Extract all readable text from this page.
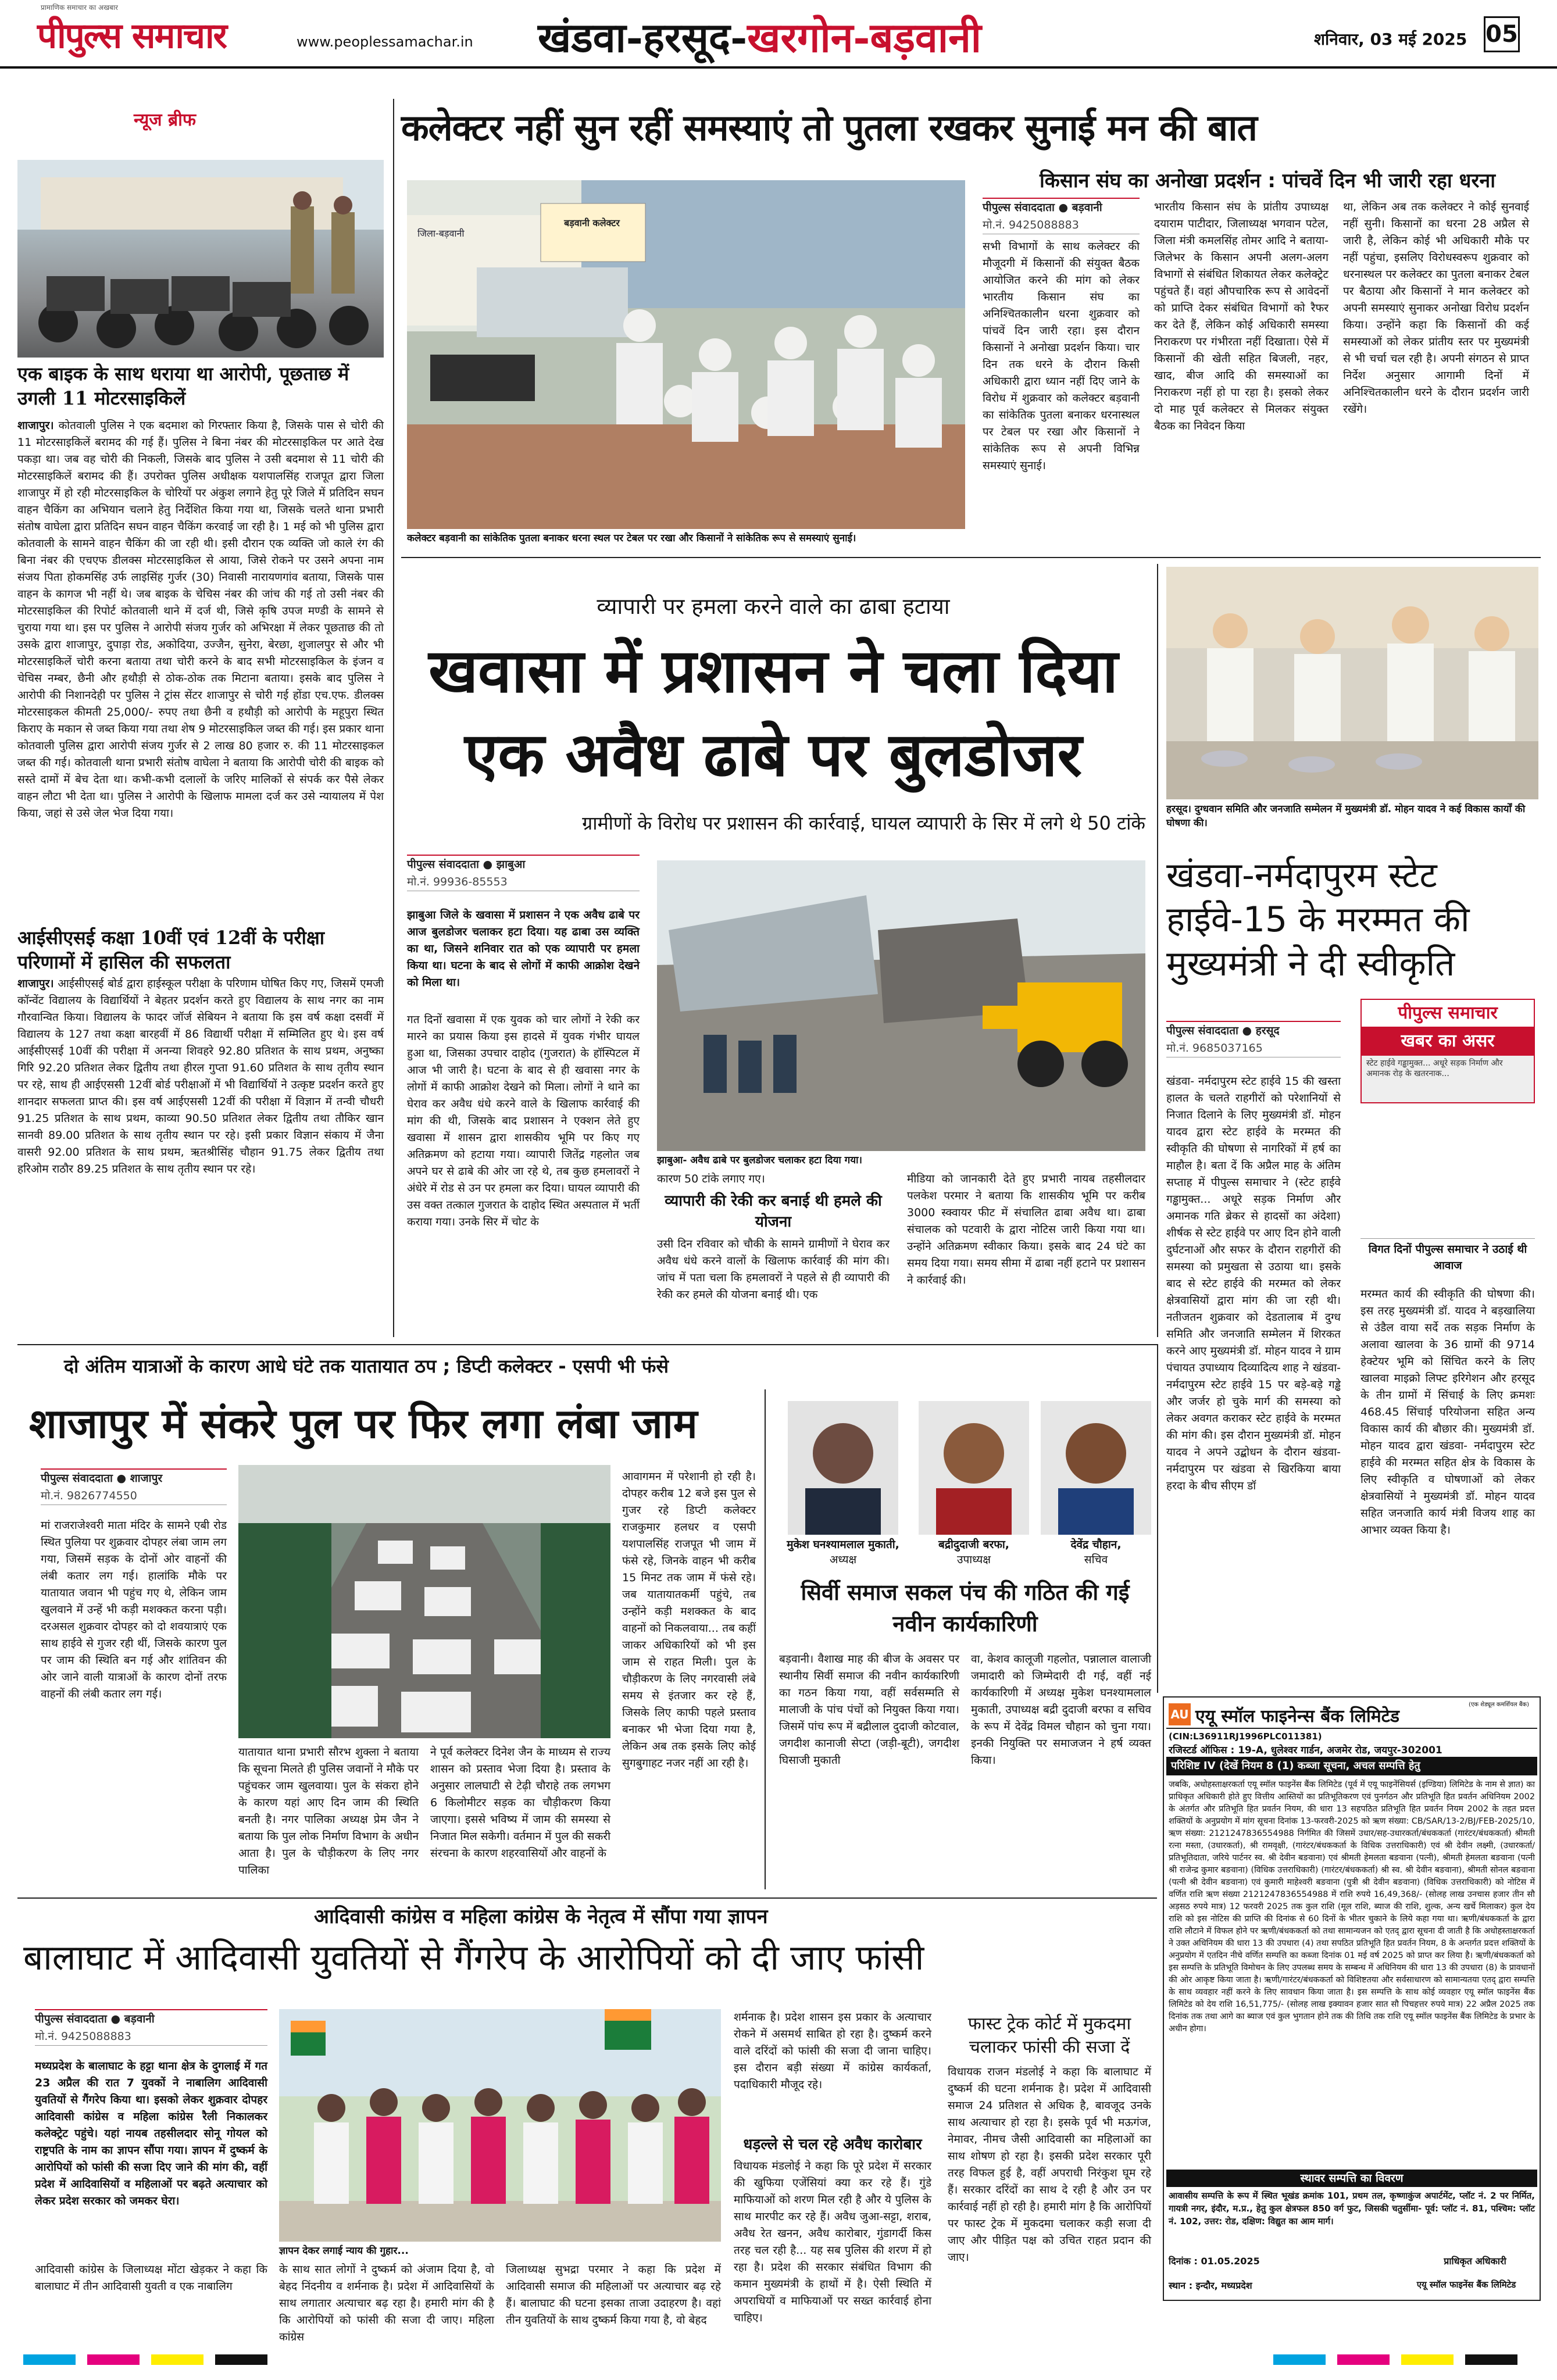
प्रामाणिक समाचार का अखबार
पीपुल्स समाचार	www.peoplessamachar.in खंडवा-हरसूद-खरगोन-बड़वानी	शनिवार, 03 मई 2025 05
न्यूज ब्रीफ
एक बाइक के साथ धराया था आरोपी, पूछताछ में उगली 11 मोटरसाइकिलें
शाजापुर। कोतवाली पुलिस ने एक बदमाश को गिरफ्तार किया है, जिसके पास से चोरी की 11 मोटरसाइकिलें बरामद की गई हैं। पुलिस ने बिना नंबर की मोटरसाइकिल पर आते देख पकड़ा था। जब वह चोरी की निकली, जिसके बाद पुलिस ने उसी बदमाश से 11 चोरी की मोटरसाइकिलें बरामद की हैं। उपरोक्त पुलिस अधीक्षक यशपालसिंह राजपूत द्वारा जिला शाजापुर में हो रही मोटरसाइकिल के चोरियों पर अंकुश लगाने हेतु पूरे जिले में प्रतिदिन सघन वाहन चैकिंग का अभियान चलाने हेतु निर्देशित किया गया था, जिसके चलते थाना प्रभारी संतोष वाघेला द्वारा प्रतिदिन सघन वाहन चैकिंग करवाई जा रही है। 1 मई को भी पुलिस द्वारा कोतवाली के सामने वाहन चैकिंग की जा रही थी। इसी दौरान एक व्यक्ति जो काले रंग की बिना नंबर की एचएफ डीलक्स मोटरसाइकिल से आया, जिसे रोकने पर उसने अपना नाम संजय पिता होकमसिंह उर्फ लाइसिंह गुर्जर (30) निवासी नारायणगांव बताया, जिसके पास वाहन के कागज भी नहीं थे। जब बाइक के चेचिस नंबर की जांच की गई तो उसी नंबर की मोटरसाइकिल की रिपोर्ट कोतवाली थाने में दर्ज थी, जिसे कृषि उपज मण्डी के सामने से चुराया गया था। इस पर पुलिस ने आरोपी संजय गुर्जर को अभिरक्षा में लेकर पूछताछ की तो उसके द्वारा शाजापुर, दुपाड़ा रोड, अकोदिया, उज्जैन, सुनेरा, बेरछा, शुजालपुर से और भी मोटरसाइकिलें चोरी करना बताया तथा चोरी करने के बाद सभी मोटरसाइकिल के इंजन व चेचिस नम्बर, छैनी और हथौड़ी से ठोक-ठोक तक मिटाना बताया। इसके बाद पुलिस ने आरोपी की निशानदेही पर पुलिस ने ट्रांस सेंटर शाजापुर से चोरी गई होंडा एच.एफ. डीलक्स मोटरसाइकल कीमती 25,000/- रुपए तथा छैनी व हथौड़ी को आरोपी के महूपुरा स्थित किराए के मकान से जब्त किया गया तथा शेष 9 मोटरसाइकिल जब्त की गई। इस प्रकार थाना कोतवाली पुलिस द्वारा आरोपी संजय गुर्जर से 2 लाख 80 हजार रु. की 11 मोटरसाइकल जब्त की गई। कोतवाली थाना प्रभारी संतोष वाघेला ने बताया कि आरोपी चोरी की बाइक को सस्ते दामों में बेच देता था। कभी-कभी दलालों के जरिए मालिकों से संपर्क कर पैसे लेकर वाहन लौटा भी देता था। पुलिस ने आरोपी के खिलाफ मामला दर्ज कर उसे न्यायालय में पेश किया, जहां से उसे जेल भेज दिया गया।
आईसीएसई कक्षा 10वीं एवं 12वीं के परीक्षा परिणामों में हासिल की सफलता
शाजापुर। आईसीएसई बोर्ड द्वारा हाईस्कूल परीक्षा के परिणाम घोषित किए गए, जिसमें एमजी कॉन्वेंट विद्यालय के विद्यार्थियों ने बेहतर प्रदर्शन करते हुए विद्यालय के साथ नगर का नाम गौरवान्वित किया। विद्यालय के फादर जॉर्ज सेबियन ने बताया कि इस वर्ष कक्षा दसवीं में विद्यालय के 127 तथा कक्षा बारहवीं में 86 विद्यार्थी परीक्षा में सम्मिलित हुए थे। इस वर्ष आईसीएसई 10वीं की परीक्षा में अनन्या शिवहरे 92.80 प्रतिशत के साथ प्रथम, अनुष्का गिरि 92.20 प्रतिशत लेकर द्वितीय तथा हीरल गुप्ता 91.60 प्रतिशत के साथ तृतीय स्थान पर रहे, साथ ही आईएससी 12वीं बोर्ड परीक्षाओं में भी विद्यार्थियों ने उत्कृष्ट प्रदर्शन करते हुए शानदार सफलता प्राप्त की। इस वर्ष आईएससी 12वीं की परीक्षा में विज्ञान में तन्वी चौधरी 91.25 प्रतिशत के साथ प्रथम, काव्या 90.50 प्रतिशत लेकर द्वितीय तथा तौकिर खान सानवी 89.00 प्रतिशत के साथ तृतीय स्थान पर रहे। इसी प्रकार विज्ञान संकाय में जैना वासरी 92.00 प्रतिशत के साथ प्रथम, ऋतश्रीसिंह चौहान 91.75 लेकर द्वितीय तथा हरिओम राठौर 89.25 प्रतिशत के साथ तृतीय स्थान पर रहे।
कलेक्टर नहीं सुन रहीं समस्याएं तो पुतला रखकर सुनाई मन की बात
किसान संघ का अनोखा प्रदर्शन : पांचवें दिन भी जारी रहा धरना
बड़वानी कलेक्टर
जिला-बड़वानी
कलेक्टर बड़वानी का सांकेतिक पुतला बनाकर धरना स्थल पर टेबल पर रखा और किसानों ने सांकेतिक रूप से समस्याएं सुनाई।
पीपुल्स संवाददाता ● बड़वानी
मो.नं. 9425088883
सभी विभागों के साथ कलेक्टर की मौजूदगी में किसानों की संयुक्त बैठक आयोजित करने की मांग को लेकर भारतीय किसान संघ का अनिश्चितकालीन धरना शुक्रवार को पांचवें दिन जारी रहा। इस दौरान किसानों ने अनोखा प्रदर्शन किया। चार दिन तक धरने के दौरान किसी अधिकारी द्वारा ध्यान नहीं दिए जाने के विरोध में शुक्रवार को कलेक्टर बड़वानी का सांकेतिक पुतला बनाकर धरनास्थल पर टेबल पर रखा और किसानों ने सांकेतिक रूप से अपनी विभिन्न समस्याएं सुनाई।
भारतीय किसान संघ के प्रांतीय उपाध्यक्ष दयाराम पाटीदार, जिलाध्यक्ष भगवान पटेल, जिला मंत्री कमलसिंह तोमर आदि ने बताया- जिलेभर के किसान अपनी अलग-अलग विभागों से संबंधित शिकायत लेकर कलेक्ट्रेट पहुंचते हैं। वहां औपचारिक रूप से आवेदनों को प्राप्ति देकर संबंधित विभागों को रैफर कर देते हैं, लेकिन कोई अधिकारी समस्या निराकरण पर गंभीरता नहीं दिखाता। ऐसे में किसानों की खेती सहित बिजली, नहर, खाद, बीज आदि की समस्याओं का निराकरण नहीं हो पा रहा है। इसको लेकर दो माह पूर्व कलेक्टर से मिलकर संयुक्त बैठक का निवेदन किया
था, लेकिन अब तक कलेक्टर ने कोई सुनवाई नहीं सुनी। किसानों का धरना 28 अप्रैल से जारी है, लेकिन कोई भी अधिकारी मौके पर नहीं पहुंचा, इसलिए विरोधस्वरूप शुक्रवार को धरनास्थल पर कलेक्टर का पुतला बनाकर टेबल पर बैठाया और किसानों ने मान कलेक्टर को अपनी समस्याएं सुनाकर अनोखा विरोध प्रदर्शन किया। उन्होंने कहा कि किसानों की कई समस्याओं को लेकर प्रांतीय स्तर पर मुख्यमंत्री से भी चर्चा चल रही है। अपनी संगठन से प्राप्त निर्देश अनुसार आगामी दिनों में अनिश्चितकालीन धरने के दौरान प्रदर्शन जारी रखेंगे।
व्यापारी पर हमला करने वाले का ढाबा हटाया
खवासा में प्रशासन ने चला दिया
एक अवैध ढाबे पर बुलडोजर
ग्रामीणों के विरोध पर प्रशासन की कार्रवाई, घायल व्यापारी के सिर में लगे थे 50 टांके
पीपुल्स संवाददाता ● झाबुआ
मो.नं. 99936-85553
झाबुआ जिले के खवासा में प्रशासन ने एक अवैध ढाबे पर आज बुलडोजर चलाकर हटा दिया। यह ढाबा उस व्यक्ति का था, जिसने शनिवार रात को एक व्यापारी पर हमला किया था। घटना के बाद से लोगों में काफी आक्रोश देखने को मिला था।
गत दिनों खवासा में एक युवक को चार लोगों ने रेकी कर मारने का प्रयास किया इस हादसे में युवक गंभीर घायल हुआ था, जिसका उपचार दाहोद (गुजरात) के हॉस्पिटल में आज भी जारी है। घटना के बाद से ही खवासा नगर के लोगों में काफी आक्रोश देखने को मिला। लोगों ने थाने का घेराव कर अवैध धंधे करने वाले के खिलाफ कार्रवाई की मांग की थी, जिसके बाद प्रशासन ने एक्शन लेते हुए खवासा में शासन द्वारा शासकीय भूमि पर किए गए अतिक्रमण को हटाया गया। व्यापारी जितेंद्र गहलोत जब अपने घर से ढाबे की ओर जा रहे थे, तब कुछ हमलावरों ने अंधेरे में रोड से उन पर हमला कर दिया। घायल व्यापारी की उस वक्त तत्काल गुजरात के दाहोद स्थित अस्पताल में भर्ती कराया गया। उनके सिर में चोट के
झाबुआ- अवैध ढाबे पर बुलडोजर चलाकर हटा दिया गया।
कारण 50 टांके लगाए गए।
व्यापारी की रेकी कर बनाई थी हमले की योजना
उसी दिन रविवार को चौकी के सामने ग्रामीणों ने घेराव कर अवैध धंधे करने वालों के खिलाफ कार्रवाई की मांग की। जांच में पता चला कि हमलावरों ने पहले से ही व्यापारी की रेकी कर हमले की योजना बनाई थी। एक
मीडिया को जानकारी देते हुए प्रभारी नायब तहसीलदार पलकेश परमार ने बताया कि शासकीय भूमि पर करीब 3000 स्क्वायर फीट में संचालित ढाबा अवैध था। ढाबा संचालक को पटवारी के द्वारा नोटिस जारी किया गया था। उन्होंने अतिक्रमण स्वीकार किया। इसके बाद 24 घंटे का समय दिया गया। समय सीमा में ढाबा नहीं हटाने पर प्रशासन ने कार्रवाई की।
हरसूद। दुग्धवान समिति और जनजाति सम्मेलन में मुख्यमंत्री डॉ. मोहन यादव ने कई विकास कार्यों की घोषणा की।
खंडवा-नर्मदापुरम स्टेट हाईवे-15 के मरम्मत की मुख्यमंत्री ने दी स्वीकृति
पीपुल्स संवाददाता ● हरसूद
मो.नं. 9685037165
पीपुल्स समाचार
खबर का असर
स्टेट हाईवे गड्ढामुक्त... अधूरे सड़क निर्माण और अमानक रोड़ के खतरनाक...
खंडवा- नर्मदापुरम स्टेट हाईवे 15 की खस्ता हालत के चलते राहगीरों को परेशानियों से निजात दिलाने के लिए मुख्यमंत्री डॉ. मोहन यादव द्वारा स्टेट हाईवे के मरम्मत की स्वीकृति की घोषणा से नागरिकों में हर्ष का माहौल है। बता दें कि अप्रैल माह के अंतिम सप्ताह में पीपुल्स समाचार ने (स्टेट हाईवे गड्ढामुक्त... अधूरे सड़क निर्माण और अमानक गति ब्रेकर से हादसों का अंदेशा) शीर्षक से स्टेट हाईवे पर आए दिन होने वाली दुर्घटनाओं और सफर के दौरान राहगीरों की समस्या को प्रमुखता से उठाया था। इसके बाद से स्टेट हाईवे की मरम्मत को लेकर क्षेत्रवासियों द्वारा मांग की जा रही थी। नतीजतन शुक्रवार को देडतालाब में दुग्ध समिति और जनजाति सम्मेलन में शिरकत करने आए मुख्यमंत्री डॉ. मोहन यादव ने ग्राम पंचायत उपाध्याय दिव्यादित्य शाह ने खंडवा-नर्मदापुरम स्टेट हाईवे 15 पर बड़े-बड़े गड्ढे और जर्जर हो चुके मार्ग की समस्या को लेकर अवगत कराकर स्टेट हाईवे के मरम्मत की मांग की। इस दौरान मुख्यमंत्री डॉ. मोहन यादव ने अपने उद्बोधन के दौरान खंडवा-नर्मदापुरम पर खंडवा से खिरकिया बाया हरदा के बीच सीएम डॉ
विगत दिनों पीपुल्स समाचार ने उठाई थी आवाज
मरम्मत कार्य की स्वीकृति की घोषणा की। इस तरह मुख्यमंत्री डॉ. यादव ने बड़खालिया से उंडैल वाया सर्दे तक सड़क निर्माण के अलावा खालवा के 36 ग्रामों की 9714 हेक्टेयर भूमि को सिंचित करने के लिए खालवा माइक्रो लिफ्ट इरिगेशन और हरसूद के तीन ग्रामों में सिंचाई के लिए क्रमशः 468.45 सिंचाई परियोजना सहित अन्य विकास कार्य की बौछार की। मुख्यमंत्री डॉ. मोहन यादव द्वारा खंडवा- नर्मदापुरम स्टेट हाईवे की मरम्मत सहित क्षेत्र के विकास के लिए स्वीकृति व घोषणाओं को लेकर क्षेत्रवासियों ने मुख्यमंत्री डॉ. मोहन यादव सहित जनजाति कार्य मंत्री विजय शाह का आभार व्यक्त किया है।
दो अंतिम यात्राओं के कारण आधे घंटे तक यातायात ठप ; डिप्टी कलेक्टर - एसपी भी फंसे
शाजापुर में संकरे पुल पर फिर लगा लंबा जाम
पीपुल्स संवाददाता ● शाजापुर
मो.नं. 9826774550
मां राजराजेश्वरी माता मंदिर के सामने एबी रोड स्थित पुलिया पर शुक्रवार दोपहर लंबा जाम लग गया, जिसमें सड़क के दोनों ओर वाहनों की लंबी कतार लग गई। हालांकि मौके पर यातायात जवान भी पहुंच गए थे, लेकिन जाम खुलवाने में उन्हें भी कड़ी मशक्कत करना पड़ी। दरअसल शुक्रवार दोपहर को दो शवयात्राएं एक साथ हाईवे से गुजर रही थीं, जिसके कारण पुल पर जाम की स्थिति बन गई और शांतिवन की ओर जाने वाली यात्राओं के कारण दोनों तरफ वाहनों की लंबी कतार लग गई।
यातायात थाना प्रभारी सौरभ शुक्ला ने बताया कि सूचना मिलते ही पुलिस जवानों ने मौके पर पहुंचकर जाम खुलवाया। पुल के संकरा होने के कारण यहां आए दिन जाम की स्थिति बनती है। नगर पालिका अध्यक्ष प्रेम जैन ने बताया कि पुल लोक निर्माण विभाग के अधीन आता है। पुल के चौड़ीकरण के लिए नगर पालिका
ने पूर्व कलेक्टर दिनेश जैन के माध्यम से राज्य शासन को प्रस्ताव भेजा दिया है। प्रस्ताव के अनुसार लालघाटी से टेढ़ी चौराहे तक लगभग 6 किलोमीटर सड़क का चौड़ीकरण किया जाएगा। इससे भविष्य में जाम की समस्या से निजात मिल सकेगी। वर्तमान में पुल की सकरी संरचना के कारण शहरवासियों और वाहनों के
आवागमन में परेशानी हो रही है। दोपहर करीब 12 बजे इस पुल से गुजर रहे डिप्टी कलेक्टर राजकुमार हलधर व एसपी यशपालसिंह राजपूत भी जाम में फंसे रहे, जिनके वाहन भी करीब 15 मिनट तक जाम में फंसे रहे। जब यातायातकर्मी पहुंचे, तब उन्होंने कड़ी मशक्कत के बाद वाहनों को निकलवाया... तब कहीं जाकर अधिकारियों को भी इस जाम से राहत मिली। पुल के चौड़ीकरण के लिए नगरवासी लंबे समय से इंतजार कर रहे हैं, जिसके लिए काफी पहले प्रस्ताव बनाकर भी भेजा दिया गया है, लेकिन अब तक इसके लिए कोई सुगबुगाहट नजर नहीं आ रही है।
मुकेश घनश्यामलाल मुकाती,
अध्यक्ष
बद्रीदुदाजी बरफा,
उपाध्यक्ष
देवेंद्र चौहान,
सचिव
सिर्वी समाज सकल पंच की गठित की गई नवीन कार्यकारिणी
बड़वानी। वैशाख माह की बीज के अवसर पर स्थानीय सिर्वी समाज की नवीन कार्यकारिणी का गठन किया गया, वहीं सर्वसम्मति से मालाजी के पांच पंचों को नियुक्त किया गया। जिसमें पांच रूप में बद्रीलाल दुदाजी कोटवाल, जगदीश कानाजी सेप्टा (जड़ी-बूटी), जगदीश घिसाजी मुकाती
वा, केशव कालूजी गहलोत, पन्नालाल वालाजी जमादारी को जिम्मेदारी दी गई, वहीं नई कार्यकारिणी में अध्यक्ष मुकेश घनश्यामलाल मुकाती, उपाध्यक्ष बद्री दुदाजी बरफा व सचिव के रूप में देवेंद्र विमल चौहान को चुना गया। इनकी नियुक्ति पर समाजजन ने हर्ष व्यक्त किया।
AU एयू स्मॉल फाइनेन्स बैंक लिमिटेड
(एक शेड्यूल कमर्शियल बैंक)
(CIN:L36911RJ1996PLC011381)
रजिस्टर्ड ऑफिस : 19-A, धुलेश्वर गार्डन, अजमेर रोड, जयपुर-302001
परिशिष्ट IV (देखें नियम 8 (1) कब्जा सूचना, अचल सम्पत्ति हेतु
जबकि, अधोहस्ताक्षरकर्ता एयू स्मॉल फाइनेंस बैंक लिमिटेड (पूर्व में एयू फाइनेंसियर्स (इण्डिया) लिमिटेड के नाम से ज्ञात) का प्राधिकृत अधिकारी होते हुए वित्तीय आस्तियों का प्रतिभूतिकरण एवं पुनर्गठन और प्रतिभूति हित प्रवर्तन अधिनियम 2002 के अंतर्गत और प्रतिभूति हित प्रवर्तन नियम, की धारा 13 सहपठित प्रतिभूति हित प्रवर्तन नियम 2002 के तहत प्रदत्त शक्तियों के अनुप्रयोग में मांग सूचना दिनांक 13-फरवरी-2025 को ऋण संख्या: CB/SAR/13-2/BJ/FEB-2025/10, ऋण संख्या: 2121247836554988 निर्गमित की जिसमें उधार/सह-उधारकर्ता/बंधककर्ता (गारंटर/बंधककर्ता) श्रीमती रत्ना मस्ता, (उधारकर्ता), श्री रामवृक्षी, (गारंटर/बंधककर्ता के विधिक उत्तराधिकारी) एवं श्री देवीन लक्ष्मी, (उधारकर्ता/प्रतिभूतिदाता, जरिये पार्टनर स्व. श्री देवीन बङवाना) एवं श्रीमती हेमलता बङवाना (पत्नी), श्रीमती हेमलता बङवाना (पत्नी श्री राजेन्द्र कुमार बङवाना) (विधिक उत्तराधिकारी) (गारंटर/बंधककर्ता) श्री स्व. श्री देवीन बङवाना), श्रीमती सोनल बङवाना (पत्नी श्री देवीन बङवाना) एवं कुमारी माहेश्वरी बङवाना (पुत्री श्री देवीन बङवाना) (विधिक उत्तराधिकारी) को नोटिस में वर्णित राशि ऋण संख्या 2121247836554988 में राशि रुपये 16,49,368/- (सोलह लाख उनचास हजार तीन सौ अड़सठ रुपये मात्र) 12 फरवरी 2025 तक कुल राशि (मूल राशि, ब्याज की राशि, शुल्क, अन्य खर्चे मिलाकर) कुल देय राशि को इस नोटिस की प्राप्ति की दिनांक से 60 दिनों के भीतर चुकाने के लिये कहा गया था। ऋणी/बंधककर्ता के द्वारा राशि लौटाने में विफल होने पर ऋणी/बंधककर्ता को तथा सामान्यजन को एतद् द्वारा सूचना दी जाती है कि अधोहस्ताक्षरकर्ता ने उक्त अधिनियम की धारा 13 की उपधारा (4) तथा सपठित प्रतिभूति हित प्रवर्तन नियम, 8 के अन्तर्गत प्रदत्त शक्तियों के अनुप्रयोग में एतदिन नीचे वर्णित सम्पत्ति का कब्जा दिनांक 01 मई वर्ष 2025 को प्राप्त कर लिया है। ऋणी/बंधककर्ता को इस सम्पत्ति के प्रतिभूति विमोचन के लिए उपलब्ध समय के सम्बन्ध में अधिनियम की धारा 13 की उपधारा (8) के प्रावधानों की ओर आकृष्ट किया जाता है। ऋणी/गारंटर/बंधककर्ता को विशिष्टतया और सर्वसाधारण को सामान्यतया एतद् द्वारा सम्पत्ति के साथ व्यवहार नहीं करने के लिए सावधान किया जाता है। इस सम्पत्ति के साथ कोई व्यवहार एयू स्मॉल फाइनेंस बैंक लिमिटेड को देय राशि 16,51,775/- (सोलह लाख इक्यावन हजार सात सौ पिचहत्तर रुपये मात्र) 22 अप्रैल 2025 तक दिनांक तक तथा आगे का ब्याज एवं कुल भुगतान होने तक की तिथि तक राशि एयू स्मॉल फाइनेंस बैंक लिमिटेड के प्रभार के अधीन होगा।
स्थावर सम्पत्ति का विवरण
आवासीय सम्पत्ति के रूप में स्थित भूखंड क्रमांक 101, प्रथम तल, कृष्णाकुंज अपार्टमेंट, प्लॉट नं. 2 पर निर्मित, गायत्री नगर, इंदौर, म.प्र., हेतु कुल क्षेत्रफल 850 वर्ग फुट, जिसकी चतुर्सीमा- पूर्व: प्लॉट नं. 81, पश्चिम: प्लॉट नं. 102, उत्तर: रोड, दक्षिण: विद्युत का आम मार्ग।
दिनांक : 01.05.2025
स्थान : इन्दौर, मध्यप्रदेश
प्राधिकृत अधिकारी
एयू स्मॉल फाइनेंस बैंक लिमिटेड
आदिवासी कांग्रेस व महिला कांग्रेस के नेतृत्व में सौंपा गया ज्ञापन
बालाघाट में आदिवासी युवतियों से गैंगरेप के आरोपियों को दी जाए फांसी
पीपुल्स संवाददाता ● बड़वानी
मो.नं. 9425088883
मध्यप्रदेश के बालाघाट के हट्टा थाना क्षेत्र के दुगलाई में गत 23 अप्रैल की रात 7 युवकों ने नाबालिग आदिवासी युवतियों से गैंगरेप किया था। इसको लेकर शुक्रवार दोपहर आदिवासी कांग्रेस व महिला कांग्रेस रैली निकालकर कलेक्ट्रेट पहुंचे। यहां नायब तहसीलदार सोनू गोयल को राष्ट्रपति के नाम का ज्ञापन सौंपा गया। ज्ञापन में दुष्कर्म के आरोपियों को फांसी की सजा दिए जाने की मांग की, वहीं प्रदेश में आदिवासियों व महिलाओं पर बढ़ते अत्याचार को लेकर प्रदेश सरकार को जमकर घेरा।
आदिवासी कांग्रेस के जिलाध्यक्ष मोंटा खेड़कर ने कहा कि बालाघाट में तीन आदिवासी युवती व एक नाबालिग
ज्ञापन देकर लगाई न्याय की गुहार...
के साथ सात लोगों ने दुष्कर्म को अंजाम दिया है, वो बेहद निंदनीय व शर्मनाक है। प्रदेश में आदिवासियों के साथ लगातार अत्याचार बढ़ रहा है। हमारी मांग की है कि आरोपियों को फांसी की सजा दी जाए। महिला कांग्रेस
जिलाध्यक्ष सुभद्रा परमार ने कहा कि प्रदेश में आदिवासी समाज की महिलाओं पर अत्याचार बढ़ रहे हैं। बालाघाट की घटना इसका ताजा उदाहरण है। वहां तीन युवतियों के साथ दुष्कर्म किया गया है, वो बेहद
शर्मनाक है। प्रदेश शासन इस प्रकार के अत्याचार रोकने में असमर्थ साबित हो रहा है। दुष्कर्म करने वाले दरिंदों को फांसी की सजा दी जाना चाहिए। इस दौरान बड़ी संख्या में कांग्रेस कार्यकर्ता, पदाधिकारी मौजूद रहे।
धड़ल्ले से चल रहे अवैध कारोबार
विधायक मंडलोई ने कहा कि पूरे प्रदेश में सरकार की खुफिया एजेंसियां क्या कर रहे हैं। गुंडे माफियाओं को शरण मिल रही है और ये पुलिस के साथ मारपीट कर रहे हैं। अवैध जुआ-सट्टा, शराब, अवैध रेत खनन, अवैध कारोबार, गुंडागर्दी किस तरह चल रही है... यह सब पुलिस की शरण में हो रहा है। प्रदेश की सरकार संबंधित विभाग की कमान मुख्यमंत्री के हाथों में है। ऐसी स्थिति में अपराधियों व माफियाओं पर सख्त कार्रवाई होना चाहिए।
फास्ट ट्रेक कोर्ट में मुकदमा चलाकर फांसी की सजा दें
विधायक राजन मंडलोई ने कहा कि बालाघाट में दुष्कर्म की घटना शर्मनाक है। प्रदेश में आदिवासी समाज 24 प्रतिशत से अधिक है, बावजूद उनके साथ अत्याचार हो रहा है। इसके पूर्व भी मऊगंज, नेमावर, नीमच जैसी आदिवासी का महिलाओं का साथ शोषण हो रहा है। इसकी प्रदेश सरकार पूरी तरह विफल हुई है, वहीं अपराधी निरंकुश घूम रहे हैं। सरकार दरिंदों का साथ दे रही है और उन पर कार्रवाई नहीं हो रही है। हमारी मांग है कि आरोपियों पर फास्ट ट्रेक में मुकदमा चलाकर कड़ी सजा दी जाए और पीड़ित पक्ष को उचित राहत प्रदान की जाए।
